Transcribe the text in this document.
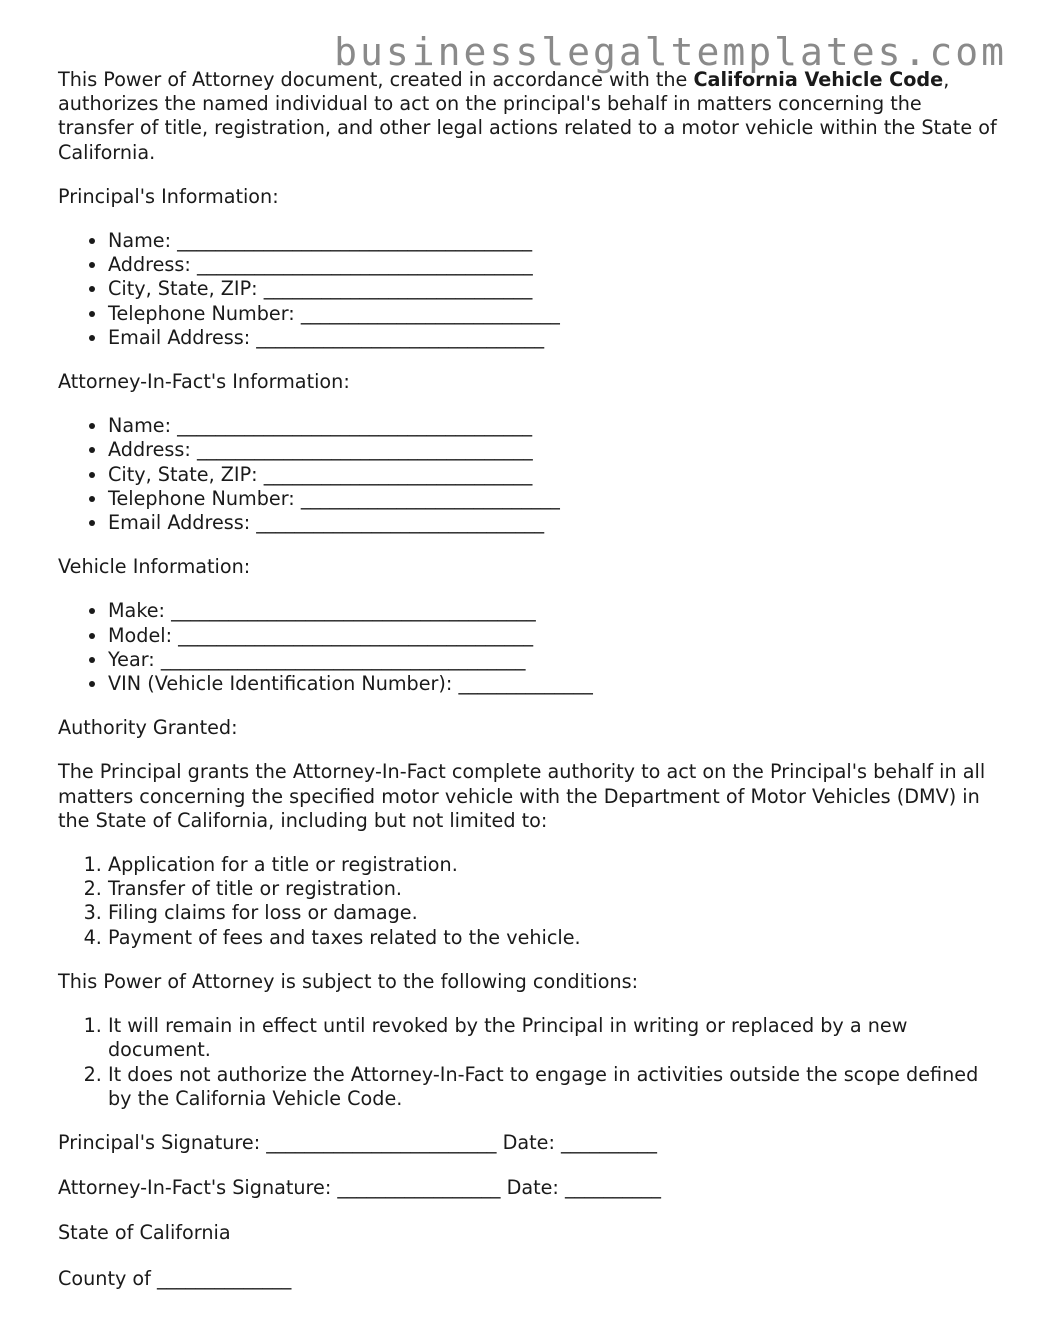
businesslegaltemplates.com

This Power of Attorney document, created in accordance with the California Vehicle Code, authorizes the named individual to act on the principal's behalf in matters concerning the transfer of title, registration, and other legal actions related to a motor vehicle within the State of California.

Principal's Information:

• Name: _____________________________________
• Address: ___________________________________
• City, State, ZIP: ____________________________
• Telephone Number: ___________________________
• Email Address: ______________________________

Attorney-In-Fact's Information:

• Name: _____________________________________
• Address: ___________________________________
• City, State, ZIP: ____________________________
• Telephone Number: ___________________________
• Email Address: ______________________________

Vehicle Information:

• Make: ______________________________________
• Model: _____________________________________
• Year: ______________________________________
• VIN (Vehicle Identification Number): ______________

Authority Granted:

The Principal grants the Attorney-In-Fact complete authority to act on the Principal's behalf in all matters concerning the specified motor vehicle with the Department of Motor Vehicles (DMV) in the State of California, including but not limited to:

1. Application for a title or registration.
2. Transfer of title or registration.
3. Filing claims for loss or damage.
4. Payment of fees and taxes related to the vehicle.

This Power of Attorney is subject to the following conditions:

1. It will remain in effect until revoked by the Principal in writing or replaced by a new document.
2. It does not authorize the Attorney-In-Fact to engage in activities outside the scope defined by the California Vehicle Code.

Principal's Signature: ________________________ Date: __________

Attorney-In-Fact's Signature: _________________ Date: __________

State of California

County of ______________
